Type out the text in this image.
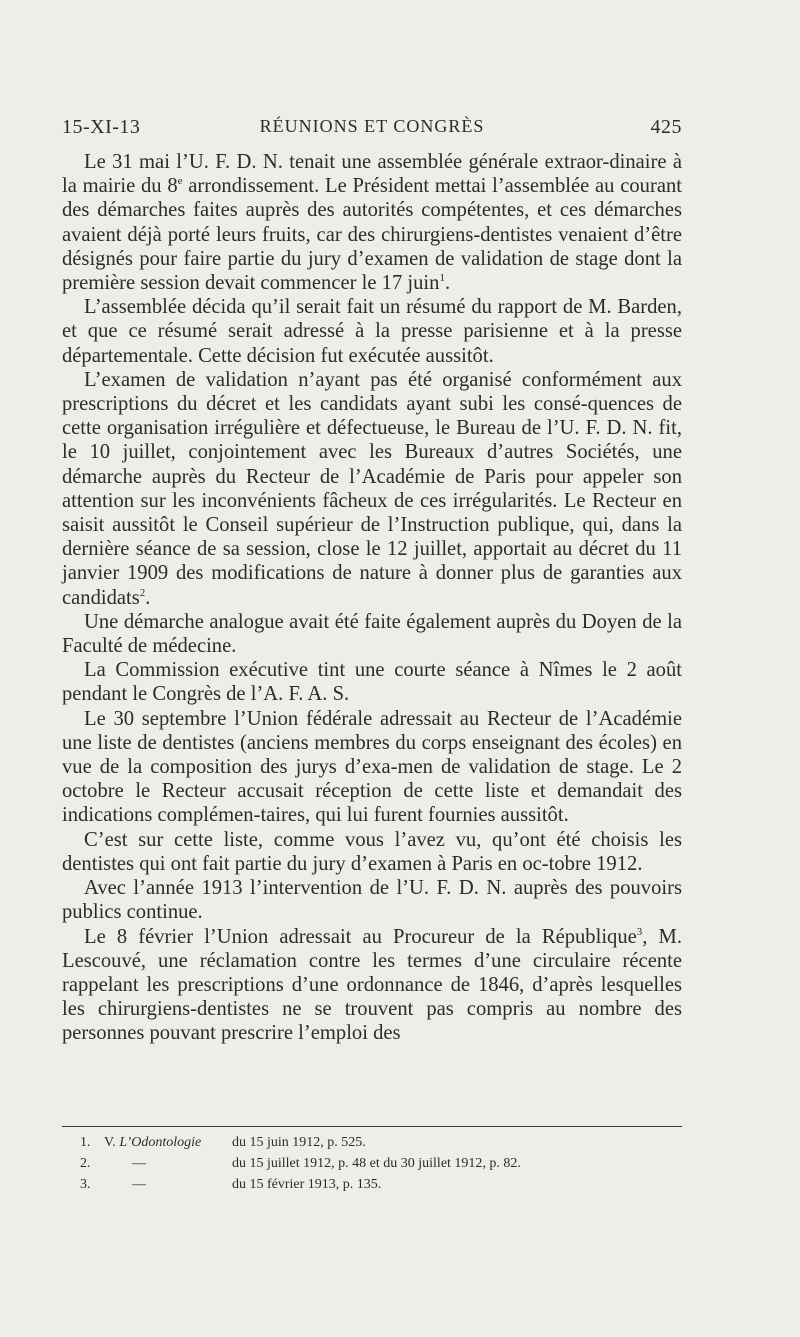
15-XI-13	RÉUNIONS ET CONGRÈS	425

Le 31 mai l’U. F. D. N. tenait une assemblée générale extraor-dinaire à la mairie du 8e arrondissement. Le Président mettai l’assemblée au courant des démarches faites auprès des autorités compétentes, et ces démarches avaient déjà porté leurs fruits, car des chirurgiens-dentistes venaient d’être désignés pour faire partie du jury d’examen de validation de stage dont la première session devait commencer le 17 juin$^1$.

L’assemblée décida qu’il serait fait un résumé du rapport de M. Barden, et que ce résumé serait adressé à la presse parisienne et à la presse départementale. Cette décision fut exécutée aussitôt.

L’examen de validation n’ayant pas été organisé conformément aux prescriptions du décret et les candidats ayant subi les consé-quences de cette organisation irrégulière et défectueuse, le Bureau de l’U. F. D. N. fit, le 10 juillet, conjointement avec les Bureaux d’autres Sociétés, une démarche auprès du Recteur de l’Académie de Paris pour appeler son attention sur les inconvénients fâcheux de ces irrégularités. Le Recteur en saisit aussitôt le Conseil supérieur de l’Instruction publique, qui, dans la dernière séance de sa session, close le 12 juillet, apportait au décret du 11 janvier 1909 des modifications de nature à donner plus de garanties aux candidats$^2$.

Une démarche analogue avait été faite également auprès du Doyen de la Faculté de médecine.

La Commission exécutive tint une courte séance à Nîmes le 2 août pendant le Congrès de l’A. F. A. S.

Le 30 septembre l’Union fédérale adressait au Recteur de l’Académie une liste de dentistes (anciens membres du corps enseignant des écoles) en vue de la composition des jurys d’exa-men de validation de stage. Le 2 octobre le Recteur accusait réception de cette liste et demandait des indications complémen-taires, qui lui furent fournies aussitôt.

C’est sur cette liste, comme vous l’avez vu, qu’ont été choisis les dentistes qui ont fait partie du jury d’examen à Paris en oc-tobre 1912.

Avec l’année 1913 l’intervention de l’U. F. D. N. auprès des pouvoirs publics continue.

Le 8 février l’Union adressait au Procureur de la République$^3$, M. Lescouvé, une réclamation contre les termes d’une circulaire récente rappelant les prescriptions d’une ordonnance de 1846, d’après lesquelles les chirurgiens-dentistes ne se trouvent pas compris au nombre des personnes pouvant prescrire l’emploi des

1. V. L’Odontologie du 15 juin 1912, p. 525.
2.	—	du 15 juillet 1912, p. 48 et du 30 juillet 1912, p. 82.
3.	—	du 15 février 1913, p. 135.
